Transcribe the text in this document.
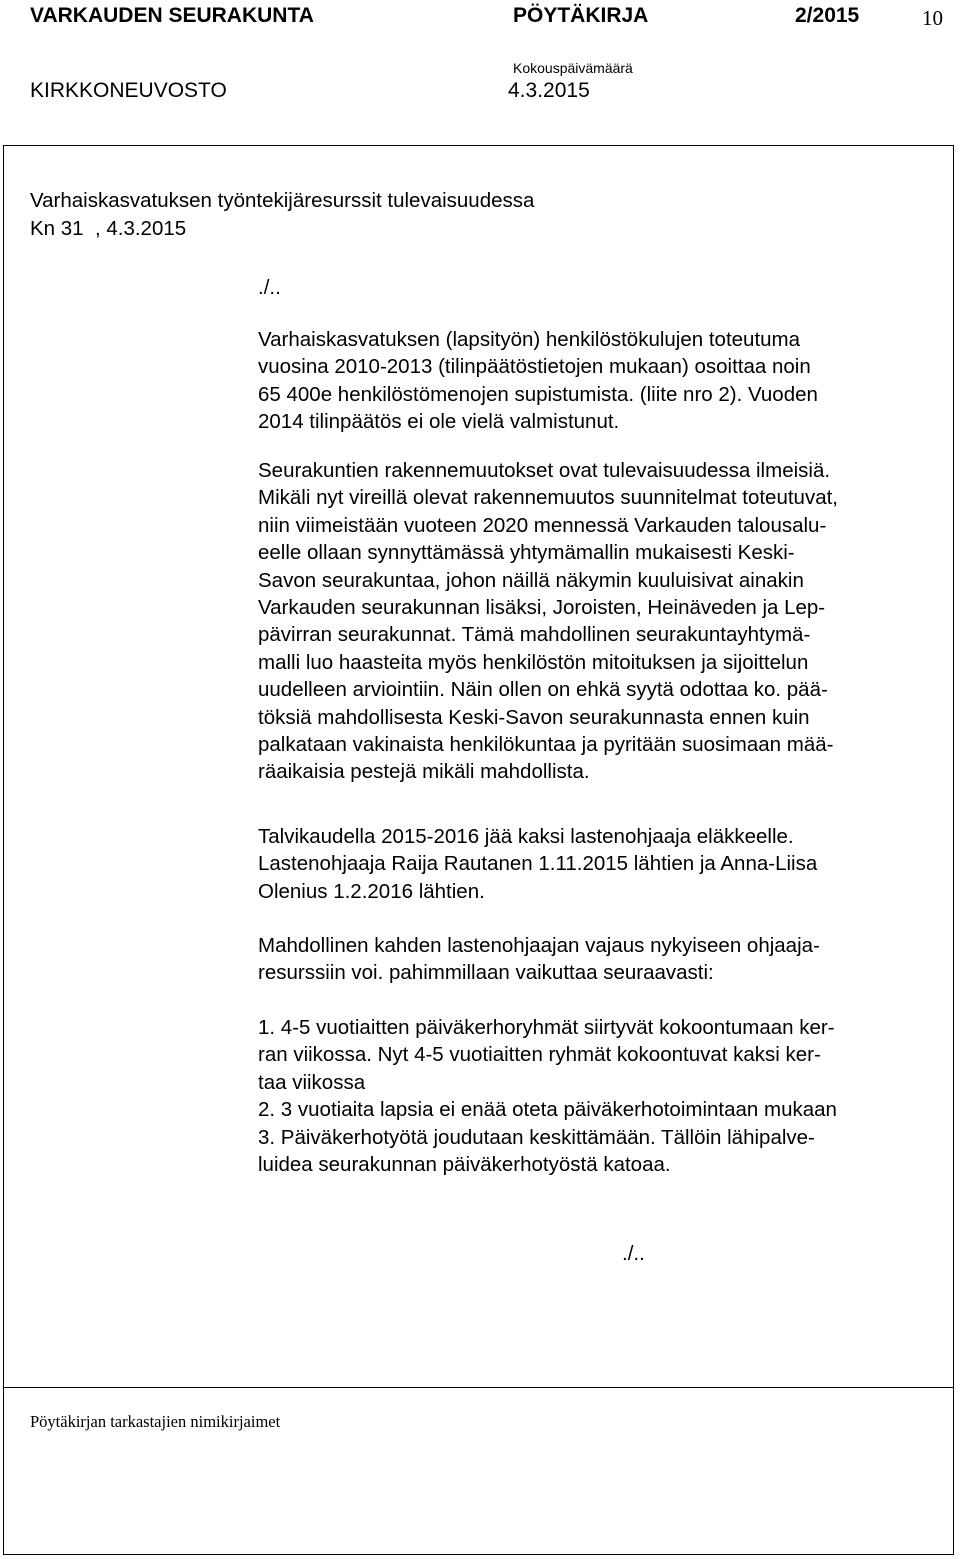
VARKAUDEN SEURAKUNTA	PÖYTÄKIRJA	2/2015	10
Kokouspäivämäärä
KIRKKONEUVOSTO	4.3.2015
Varhaiskasvatuksen työntekijäresurssit tulevaisuudessa
Kn 31  , 4.3.2015
./..
Varhaiskasvatuksen (lapsityön) henkilöstökulujen toteutuma
vuosina 2010-2013 (tilinpäätöstietojen mukaan) osoittaa noin
65 400e henkilöstömenojen supistumista. (liite nro 2). Vuoden
2014 tilinpäätös ei ole vielä valmistunut.
Seurakuntien rakennemuutokset ovat tulevaisuudessa ilmeisiä.
Mikäli nyt vireillä olevat rakennemuutos suunnitelmat toteutuvat,
niin viimeistään vuoteen 2020 mennessä Varkauden talousalu-
eelle ollaan synnyttämässä yhtymämallin mukaisesti Keski-
Savon seurakuntaa, johon näillä näkymin kuuluisivat ainakin
Varkauden seurakunnan lisäksi, Joroisten, Heinäveden ja Lep-
pävirran seurakunnat. Tämä mahdollinen seurakuntayhtymä-
malli luo haasteita myös henkilöstön mitoituksen ja sijoittelun
uudelleen arviointiin. Näin ollen on ehkä syytä odottaa ko. pää-
töksiä mahdollisesta Keski-Savon seurakunnasta ennen kuin
palkataan vakinaista henkilökuntaa ja pyritään suosimaan mää-
räaikaisia pestejä mikäli mahdollista.
Talvikaudella 2015-2016 jää kaksi lastenohjaaja eläkkeelle.
Lastenohjaaja Raija Rautanen 1.11.2015 lähtien ja Anna-Liisa
Olenius 1.2.2016 lähtien.
Mahdollinen kahden lastenohjaajan vajaus nykyiseen ohjaaja-
resurssiin voi. pahimmillaan vaikuttaa seuraavasti:
1. 4-5 vuotiaitten päiväkerhoryhmät siirtyvät kokoontumaan ker-
ran viikossa. Nyt 4-5 vuotiaitten ryhmät kokoontuvat kaksi ker-
taa viikossa
2. 3 vuotiaita lapsia ei enää oteta päiväkerhotoimintaan mukaan
3. Päiväkerhotyötä joudutaan keskittämään. Tällöin lähipalve-
luidea seurakunnan päiväkerhotyöstä katoaa.
./..
Pöytäkirjan tarkastajien nimikirjaimet
